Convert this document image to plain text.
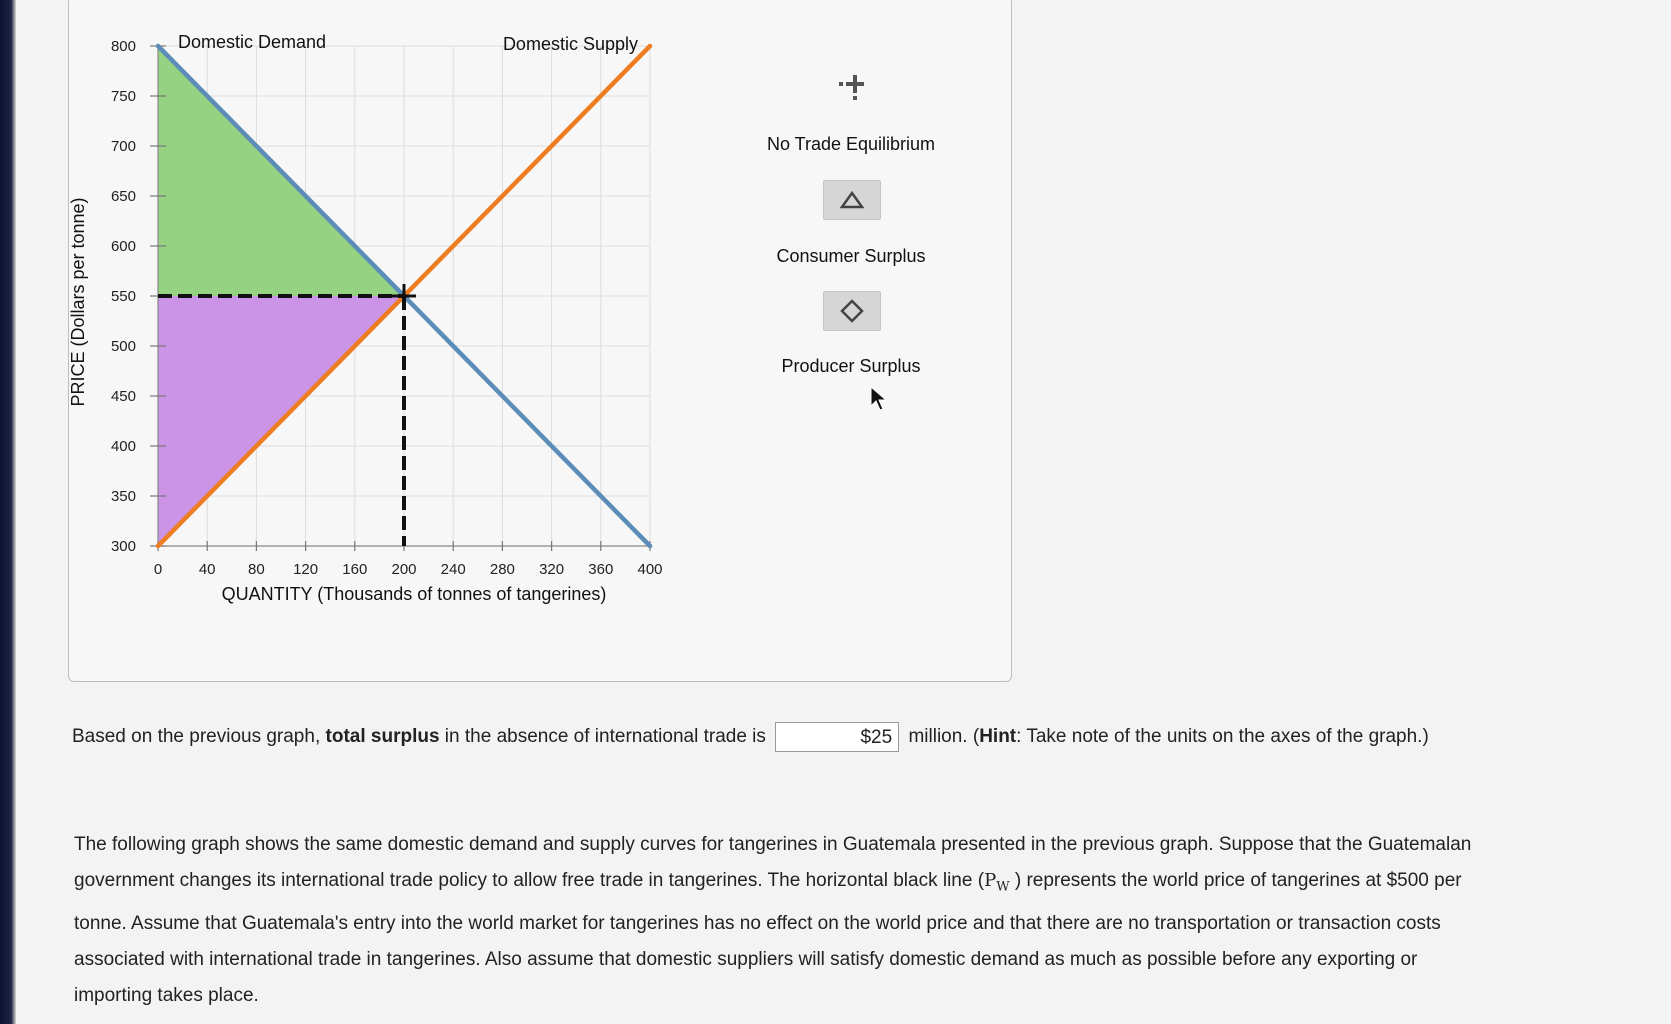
0 40 80 120 160 200 240 280 320 360 400
300
350
400
450
500
550
600
650
700
750
800 Domestic Demand	Domestic Supply
QUANTITY (Thousands of tonnes of tangerines)
PRICE (Dollars per tonne)
No Trade Equilibrium
Consumer Surplus
Producer Surplus
Based on the previous graph, total surplus in the absence of international trade is	$25 million. (Hint: Take note of the units on the axes of the graph.)
The following graph shows the same domestic demand and supply curves for tangerines in Guatemala presented in the previous graph. Suppose that the Guatemalan government changes its international trade policy to allow free trade in tangerines. The horizontal black line ($P_W$ ) represents the world price of tangerines at $500 per tonne. Assume that Guatemala's entry into the world market for tangerines has no effect on the world price and that there are no transportation or transaction costs associated with international trade in tangerines. Also assume that domestic suppliers will satisfy domestic demand as much as possible before any exporting or importing takes place.
